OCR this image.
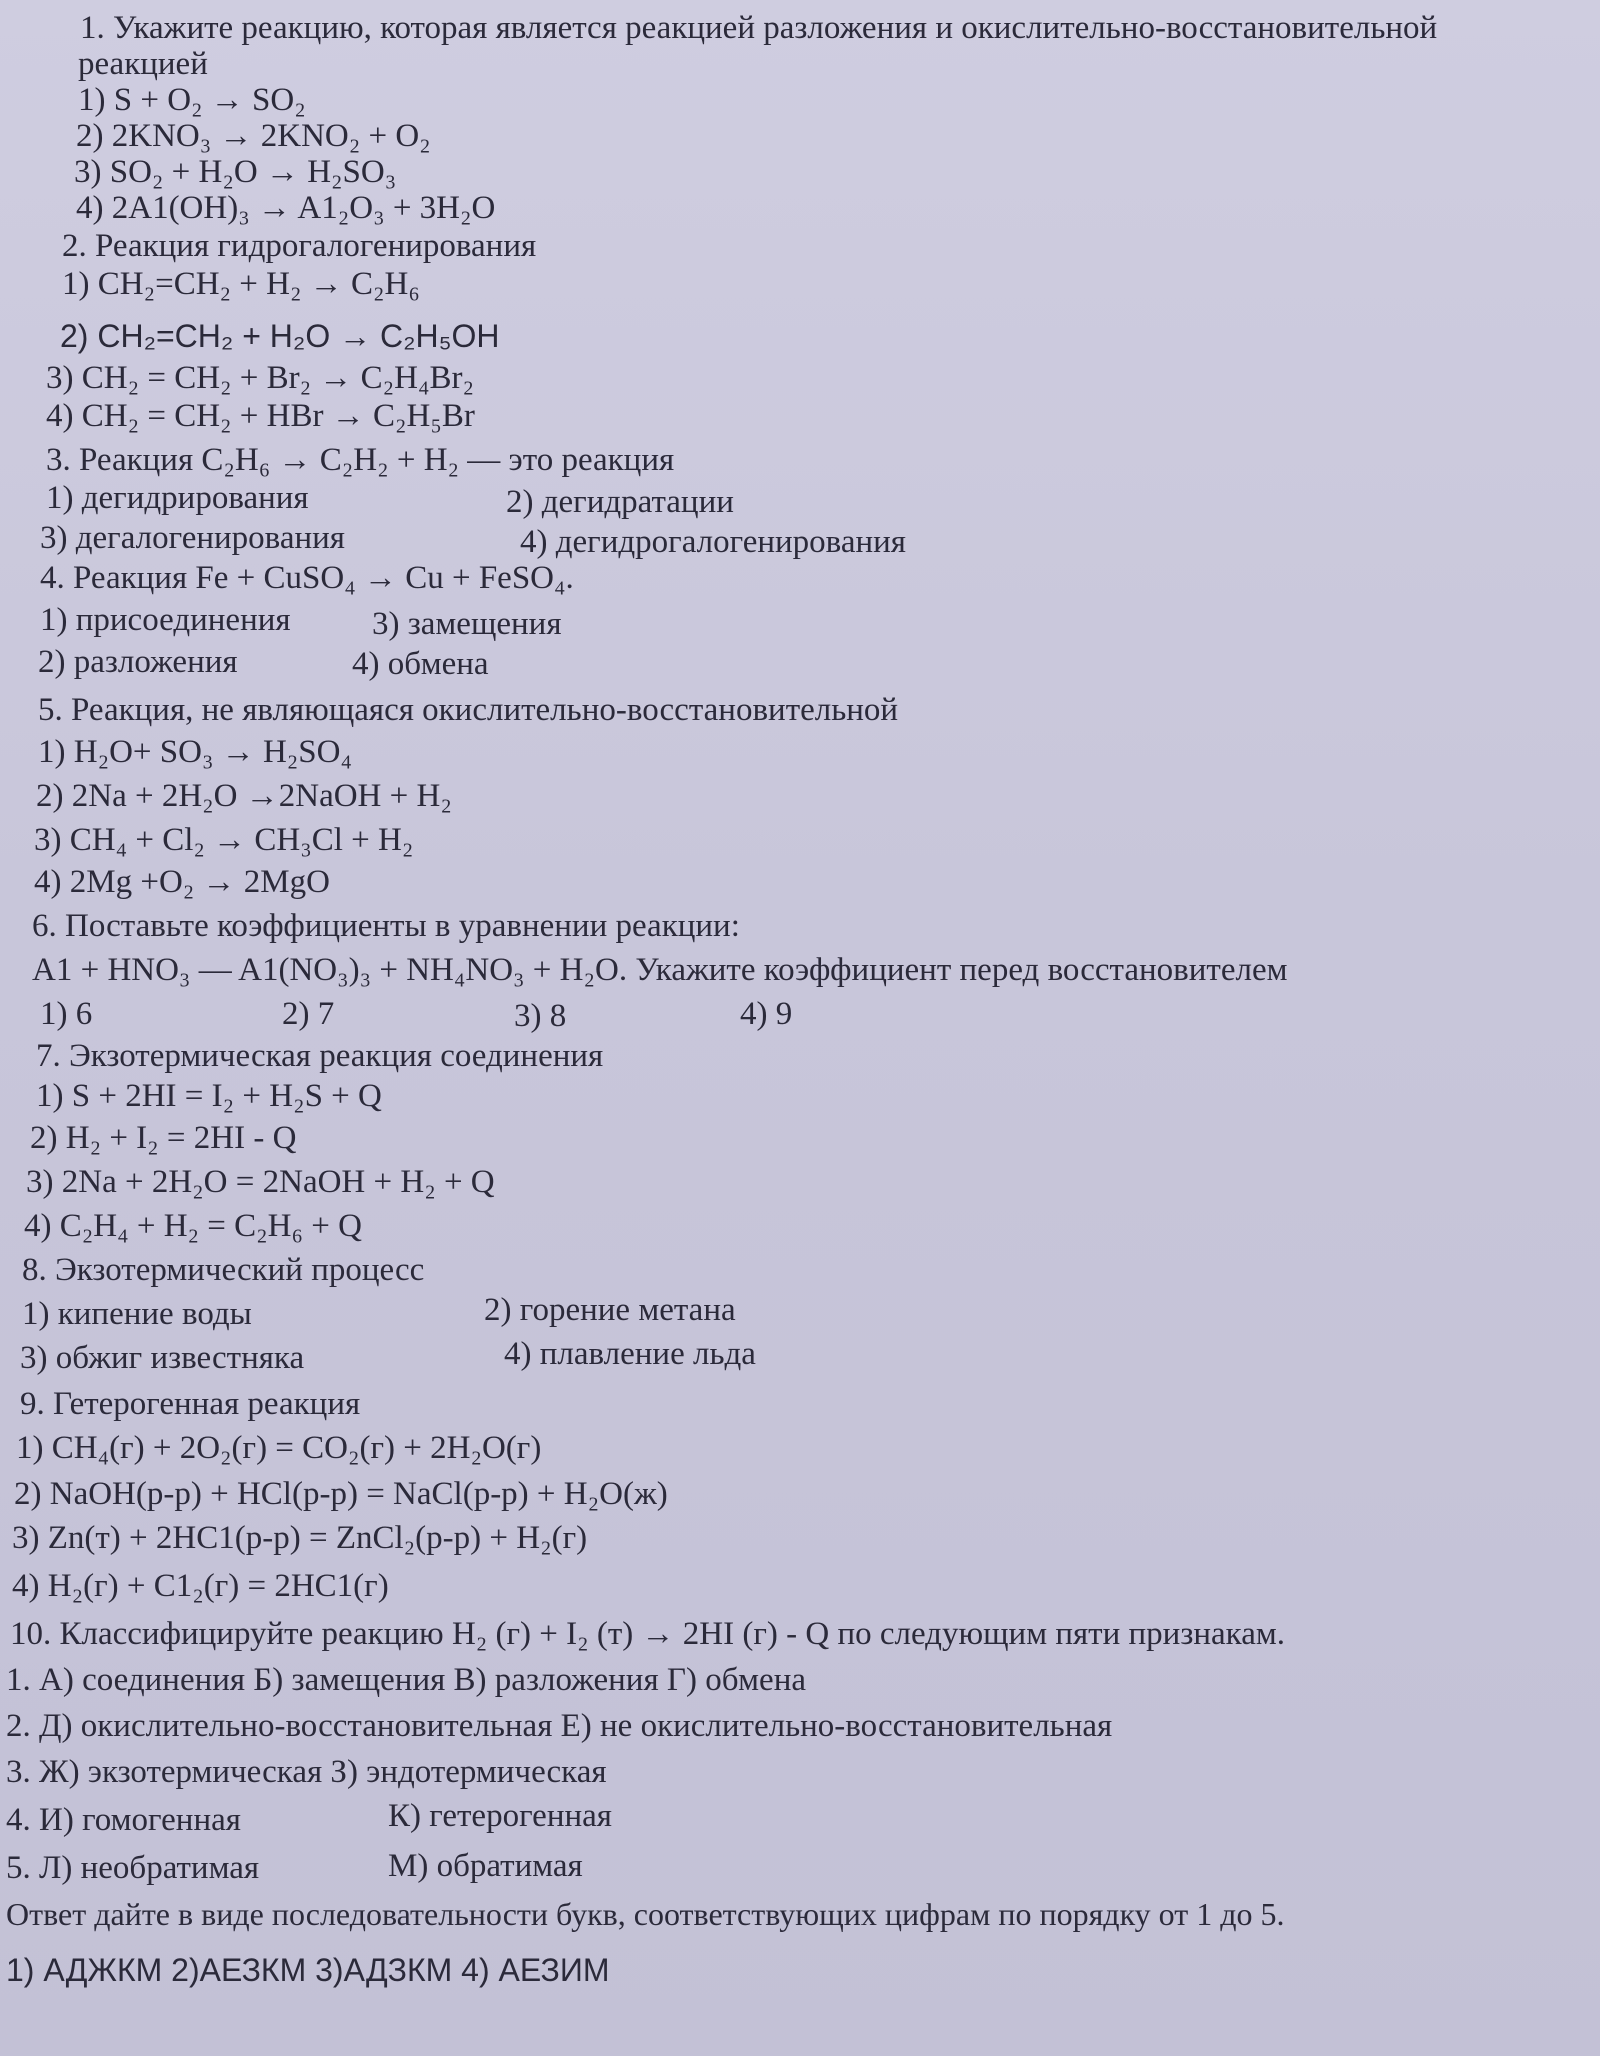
1. Укажите реакцию, которая является реакцией разложения и окислительно-восстановительной
реакцией
1) S + O₂ → SO₂
2) 2KNO₃ → 2KNO₂ + O₂
3) SO₂ + H₂O → H₂SO₃
4) 2A1(OH)₃ → A1₂O₃ + 3H₂O
2. Реакция гидрогалогенирования
1) CH₂=CH₂ + H₂ → C₂H₆
2) CH₂=CH₂ + H₂O → C₂H₅OH
3) CH₂ = CH₂ + Br₂ → C₂H₄Br₂
4) CH₂ = CH₂ + HBr → C₂H₅Br
3. Реакция C₂H₆ → C₂H₂ + H₂ — это реакция
1) дегидрирования	2) дегидратации
3) дегалогенирования	4) дегидрогалогенирования
4. Реакция Fe + CuSO₄ → Cu + FeSO₄.
1) присоединения 3) замещения
2) разложения	4) обмена
5. Реакция, не являющаяся окислительно-восстановительной
1) H₂O+ SO₃ → H₂SO₄
2) 2Na + 2H₂O →2NaOH + H₂
3) CH₄ + Cl₂ → CH₃Cl + H₂
4) 2Mg +O₂ → 2MgO
6. Поставьте коэффициенты в уравнении реакции:
A1 + HNO₃ — A1(NO₃)₃ + NH₄NO₃ + H₂O. Укажите коэффициент перед восстановителем
1) 6	2) 7	3) 8	4) 9
7. Экзотермическая реакция соединения
1) S + 2HI = I₂ + H₂S + Q
2) H₂ + I₂ = 2HI - Q
3) 2Na + 2H₂O = 2NaOH + H₂ + Q
4) C₂H₄ + H₂ = C₂H₆ + Q
8. Экзотермический процесс
1) кипение воды	2) горение метана
3) обжиг известняка	4) плавление льда
9. Гетерогенная реакция
1) CH₄(г) + 2O₂(г) = CO₂(г) + 2H₂O(г)
2) NaOH(р-р) + HCl(р-р) = NaCl(р-р) + H₂O(ж)
3) Zn(т) + 2HC1(р-р) = ZnCl₂(р-р) + H₂(г)
4) H₂(г) + C1₂(г) = 2HC1(г)
10. Классифицируйте реакцию H₂ (г) + I₂ (т) → 2HI (г) - Q по следующим пяти признакам.
1. А) соединения Б) замещения В) разложения Г) обмена
2. Д) окислительно-восстановительная Е) не окислительно-восстановительная
3. Ж) экзотермическая З) эндотермическая
4. И) гомогенная	К) гетерогенная
5. Л) необратимая	М) обратимая
Ответ дайте в виде последовательности букв, соответствующих цифрам по порядку от 1 до 5.
1) АДЖКМ 2)АЕЗКМ 3)АДЗКМ 4) АЕЗИМ
